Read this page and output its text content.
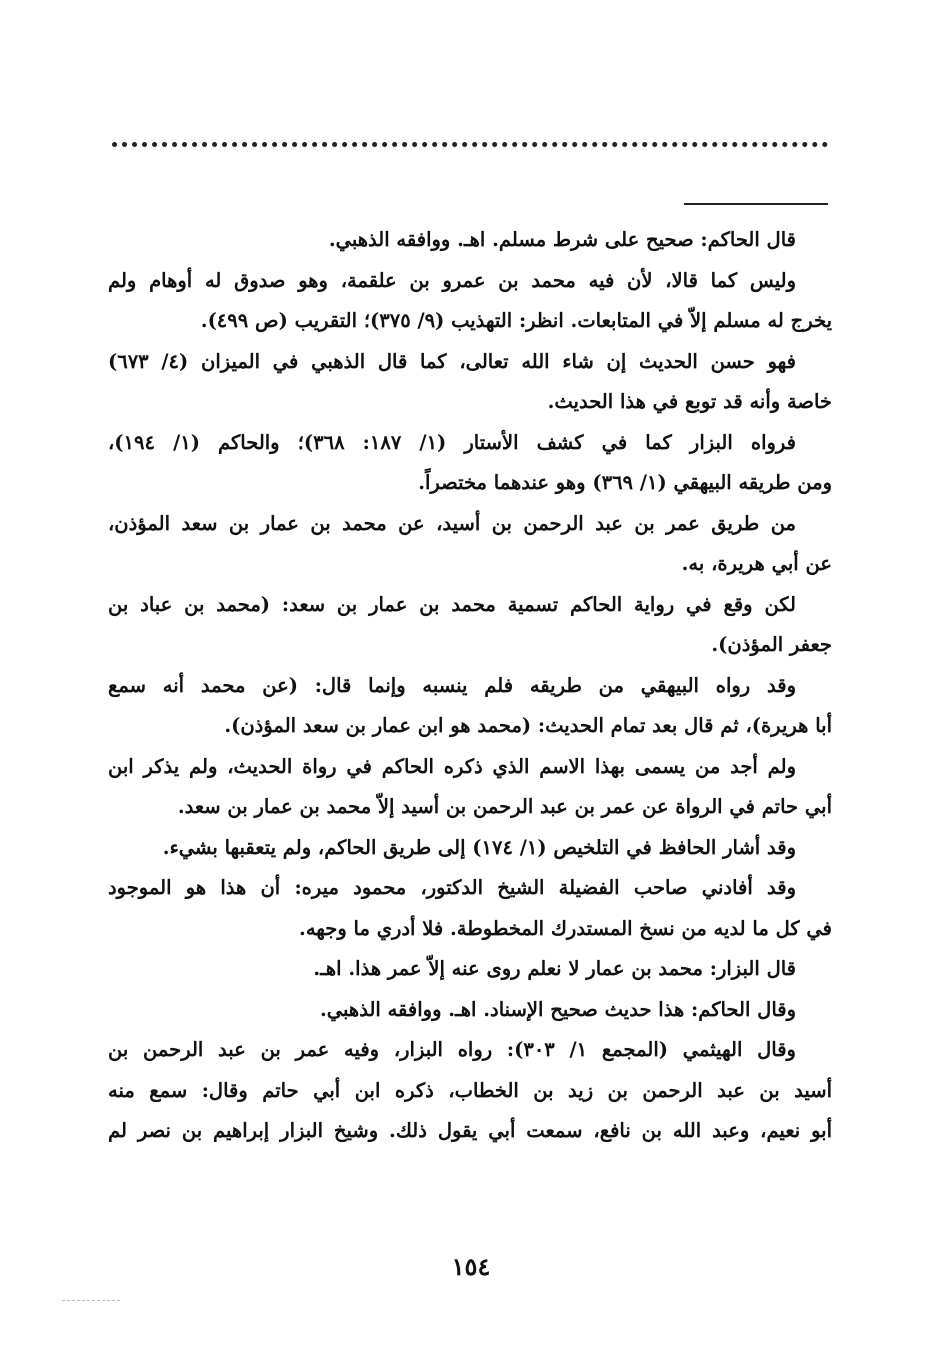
قال الحاكم: صحيح على شرط مسلم. اهـ. ووافقه الذهبي.
وليس كما قالا، لأن فيه محمد بن عمرو بن علقمة، وهو صدوق له أوهام ولم
يخرج له مسلم إلاّ في المتابعات. انظر: التهذيب (٩/ ٣٧٥)؛ التقريب (ص ٤٩٩).
فهو حسن الحديث إن شاء الله تعالى، كما قال الذهبي في الميزان (٤/ ٦٧٣)
خاصة وأنه قد توبع في هذا الحديث.
فرواه البزار كما في كشف الأستار (١/ ١٨٧: ٣٦٨)؛ والحاكم (١/ ١٩٤)،
ومن طريقه البيهقي (١/ ٣٦٩) وهو عندهما مختصراً.
من طريق عمر بن عبد الرحمن بن أسيد، عن محمد بن عمار بن سعد المؤذن،
عن أبي هريرة، به.
لكن وقع في رواية الحاكم تسمية محمد بن عمار بن سعد: (محمد بن عباد بن
جعفر المؤذن).
وقد رواه البيهقي من طريقه فلم ينسبه وإنما قال: (عن محمد أنه سمع
أبا هريرة)، ثم قال بعد تمام الحديث: (محمد هو ابن عمار بن سعد المؤذن).
ولم أجد من يسمى بهذا الاسم الذي ذكره الحاكم في رواة الحديث، ولم يذكر ابن
أبي حاتم في الرواة عن عمر بن عبد الرحمن بن أسيد إلاّ محمد بن عمار بن سعد.
وقد أشار الحافظ في التلخيص (١/ ١٧٤) إلى طريق الحاكم، ولم يتعقبها بشيء.
وقد أفادني صاحب الفضيلة الشيخ الدكتور، محمود ميره: أن هذا هو الموجود
في كل ما لديه من نسخ المستدرك المخطوطة. فلا أدري ما وجهه.
قال البزار: محمد بن عمار لا نعلم روى عنه إلاّ عمر هذا. اهـ.
وقال الحاكم: هذا حديث صحيح الإسناد. اهـ. ووافقه الذهبي.
وقال الهيثمي (المجمع ١/ ٣٠٣): رواه البزار، وفيه عمر بن عبد الرحمن بن
أسيد بن عبد الرحمن بن زيد بن الخطاب، ذكره ابن أبي حاتم وقال: سمع منه
أبو نعيم، وعبد الله بن نافع، سمعت أبي يقول ذلك. وشيخ البزار إبراهيم بن نصر لم
١٥٤
